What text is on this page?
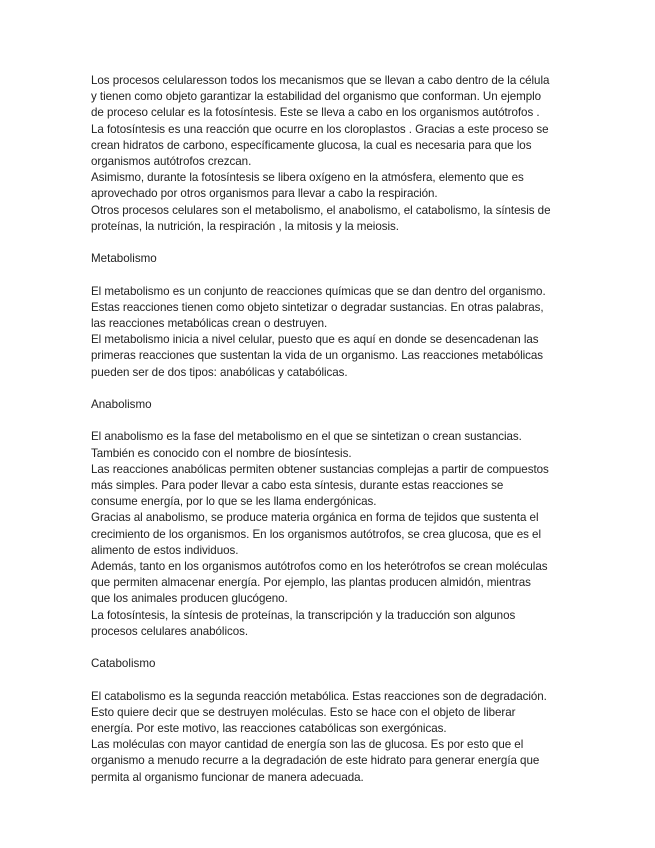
Los procesos celularesson todos los mecanismos que se llevan a cabo dentro de la célula
y tienen como objeto garantizar la estabilidad del organismo que conforman. Un ejemplo
de proceso celular es la fotosíntesis. Este se lleva a cabo en los organismos autótrofos .
La fotosíntesis es una reacción que ocurre en los cloroplastos . Gracias a este proceso se
crean hidratos de carbono, específicamente glucosa, la cual es necesaria para que los
organismos autótrofos crezcan.
Asimismo, durante la fotosíntesis se libera oxígeno en la atmósfera, elemento que es
aprovechado por otros organismos para llevar a cabo la respiración.
Otros procesos celulares son el metabolismo, el anabolismo, el catabolismo, la síntesis de
proteínas, la nutrición, la respiración , la mitosis y la meiosis.
Metabolismo
El metabolismo es un conjunto de reacciones químicas que se dan dentro del organismo.
Estas reacciones tienen como objeto sintetizar o degradar sustancias. En otras palabras,
las reacciones metabólicas crean o destruyen.
El metabolismo inicia a nivel celular, puesto que es aquí en donde se desencadenan las
primeras reacciones que sustentan la vida de un organismo. Las reacciones metabólicas
pueden ser de dos tipos: anabólicas y catabólicas.
Anabolismo
El anabolismo es la fase del metabolismo en el que se sintetizan o crean sustancias.
También es conocido con el nombre de biosíntesis.
Las reacciones anabólicas permiten obtener sustancias complejas a partir de compuestos
más simples. Para poder llevar a cabo esta síntesis, durante estas reacciones se
consume energía, por lo que se les llama endergónicas.
Gracias al anabolismo, se produce materia orgánica en forma de tejidos que sustenta el
crecimiento de los organismos. En los organismos autótrofos, se crea glucosa, que es el
alimento de estos individuos.
Además, tanto en los organismos autótrofos como en los heterótrofos se crean moléculas
que permiten almacenar energía. Por ejemplo, las plantas producen almidón, mientras
que los animales producen glucógeno.
La fotosíntesis, la síntesis de proteínas, la transcripción y la traducción son algunos
procesos celulares anabólicos.
Catabolismo
El catabolismo es la segunda reacción metabólica. Estas reacciones son de degradación.
Esto quiere decir que se destruyen moléculas. Esto se hace con el objeto de liberar
energía. Por este motivo, las reacciones catabólicas son exergónicas.
Las moléculas con mayor cantidad de energía son las de glucosa. Es por esto que el
organismo a menudo recurre a la degradación de este hidrato para generar energía que
permita al organismo funcionar de manera adecuada.
